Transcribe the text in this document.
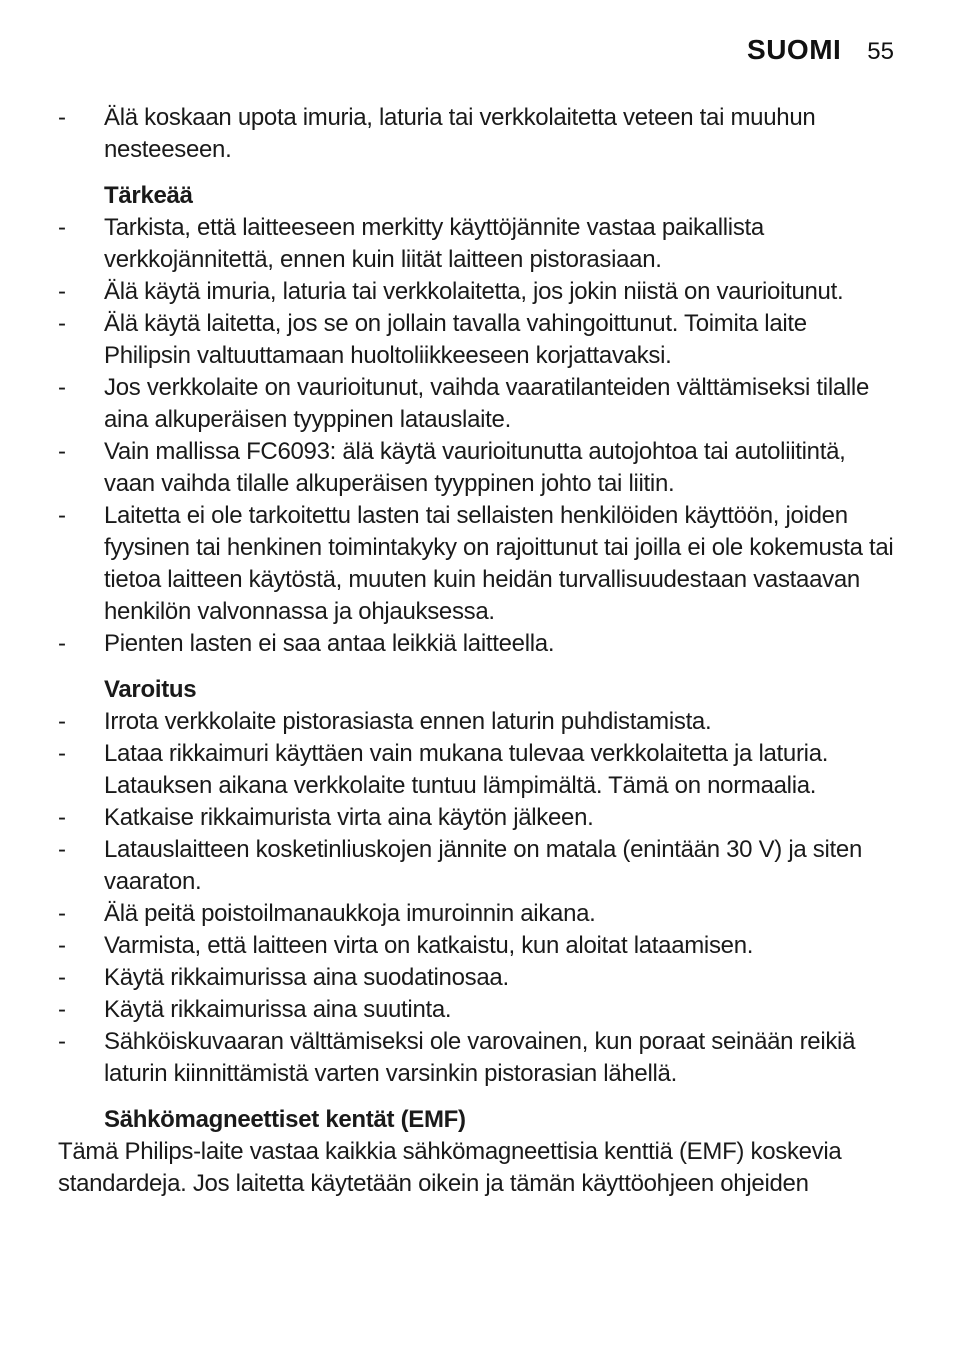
SUOMI 55
-	Älä koskaan upota imuria, laturia tai verkkolaitetta veteen tai muuhun nesteeseen.
Tärkeää
-	Tarkista, että laitteeseen merkitty käyttöjännite vastaa paikallista verkkojännitettä, ennen kuin liität laitteen pistorasiaan.
-	Älä käytä imuria, laturia tai verkkolaitetta, jos jokin niistä on vaurioitunut.
-	Älä käytä laitetta, jos se on jollain tavalla vahingoittunut. Toimita laite Philipsin valtuuttamaan huoltoliikkeeseen korjattavaksi.
-	Jos verkkolaite on vaurioitunut, vaihda vaaratilanteiden välttämiseksi tilalle aina alkuperäisen tyyppinen latauslaite.
-	Vain mallissa FC6093: älä käytä vaurioitunutta autojohtoa tai autoliitintä, vaan vaihda tilalle alkuperäisen tyyppinen johto tai liitin.
-	Laitetta ei ole tarkoitettu lasten tai sellaisten henkilöiden käyttöön, joiden fyysinen tai henkinen toimintakyky on rajoittunut tai joilla ei ole kokemusta tai tietoa laitteen käytöstä, muuten kuin heidän turvallisuudestaan vastaavan henkilön valvonnassa ja ohjauksessa.
-	Pienten lasten ei saa antaa leikkiä laitteella.
Varoitus
-	Irrota verkkolaite pistorasiasta ennen laturin puhdistamista.
-	Lataa rikkaimuri käyttäen vain mukana tulevaa verkkolaitetta ja laturia. Latauksen aikana verkkolaite tuntuu lämpimältä. Tämä on normaalia.
-	Katkaise rikkaimurista virta aina käytön jälkeen.
-	Latauslaitteen kosketinliuskojen jännite on matala (enintään 30 V) ja siten vaaraton.
-	Älä peitä poistoilmanaukkoja imuroinnin aikana.
-	Varmista, että laitteen virta on katkaistu, kun aloitat lataamisen.
-	Käytä rikkaimurissa aina suodatinosaa.
-	Käytä rikkaimurissa aina suutinta.
-	Sähköiskuvaaran välttämiseksi ole varovainen, kun poraat seinään reikiä laturin kiinnittämistä varten varsinkin pistorasian lähellä.
Sähkömagneettiset kentät (EMF)
Tämä Philips-laite vastaa kaikkia sähkömagneettisia kenttiä (EMF) koskevia standardeja. Jos laitetta käytetään oikein ja tämän käyttöohjeen ohjeiden
